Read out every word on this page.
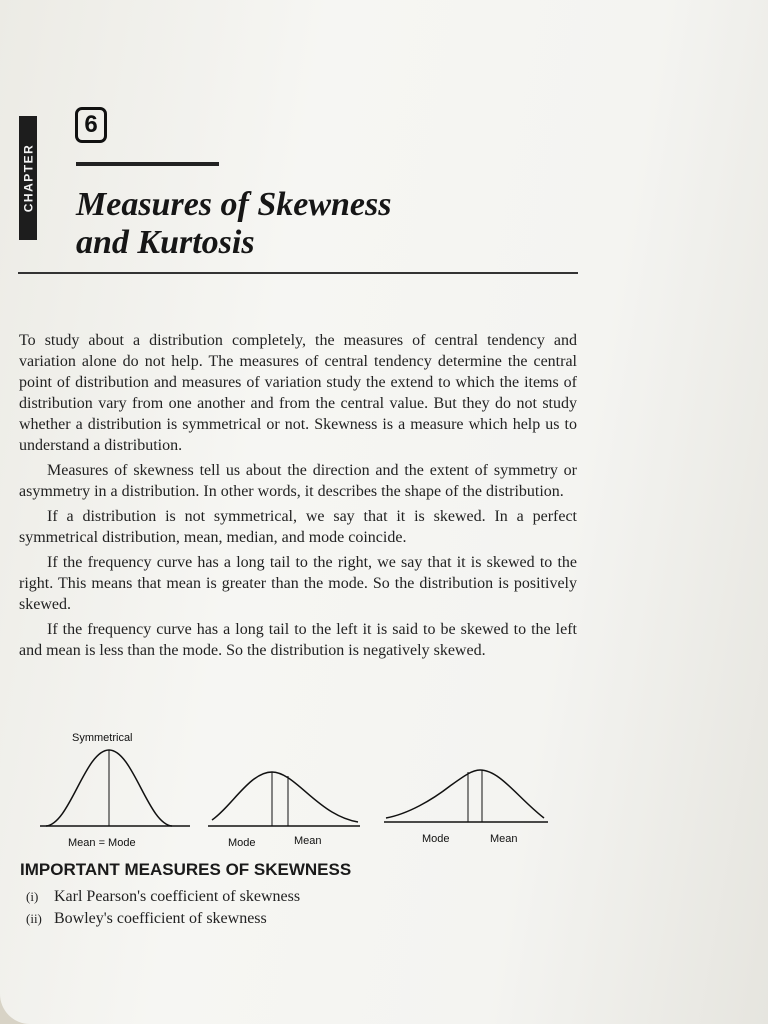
CHAPTER
6
Measures of Skewness
and Kurtosis

To study about a distribution completely, the measures of central tendency and variation alone do not help. The measures of central tendency determine the central point of distribution and measures of variation study the extend to which the items of distribution vary from one another and from the central value. But they do not study whether a distribution is symmetrical or not. Skewness is a measure which help us to understand a distribution.

Measures of skewness tell us about the direction and the extent of symmetry or asymmetry in a distribution. In other words, it describes the shape of the distribution.

If a distribution is not symmetrical, we say that it is skewed. In a perfect symmetrical distribution, mean, median, and mode coincide.

If the frequency curve has a long tail to the right, we say that it is skewed to the right. This means that mean is greater than the mode. So the distribution is positively skewed.

If the frequency curve has a long tail to the left it is said to be skewed to the left and mean is less than the mode. So the distribution is negatively skewed.

Symmetrical
Mean = Mode	Mode	Mean	Mode	Mean
IMPORTANT MEASURES OF SKEWNESS
(i) Karl Pearson's coefficient of skewness
(ii) Bowley's coefficient of skewness
